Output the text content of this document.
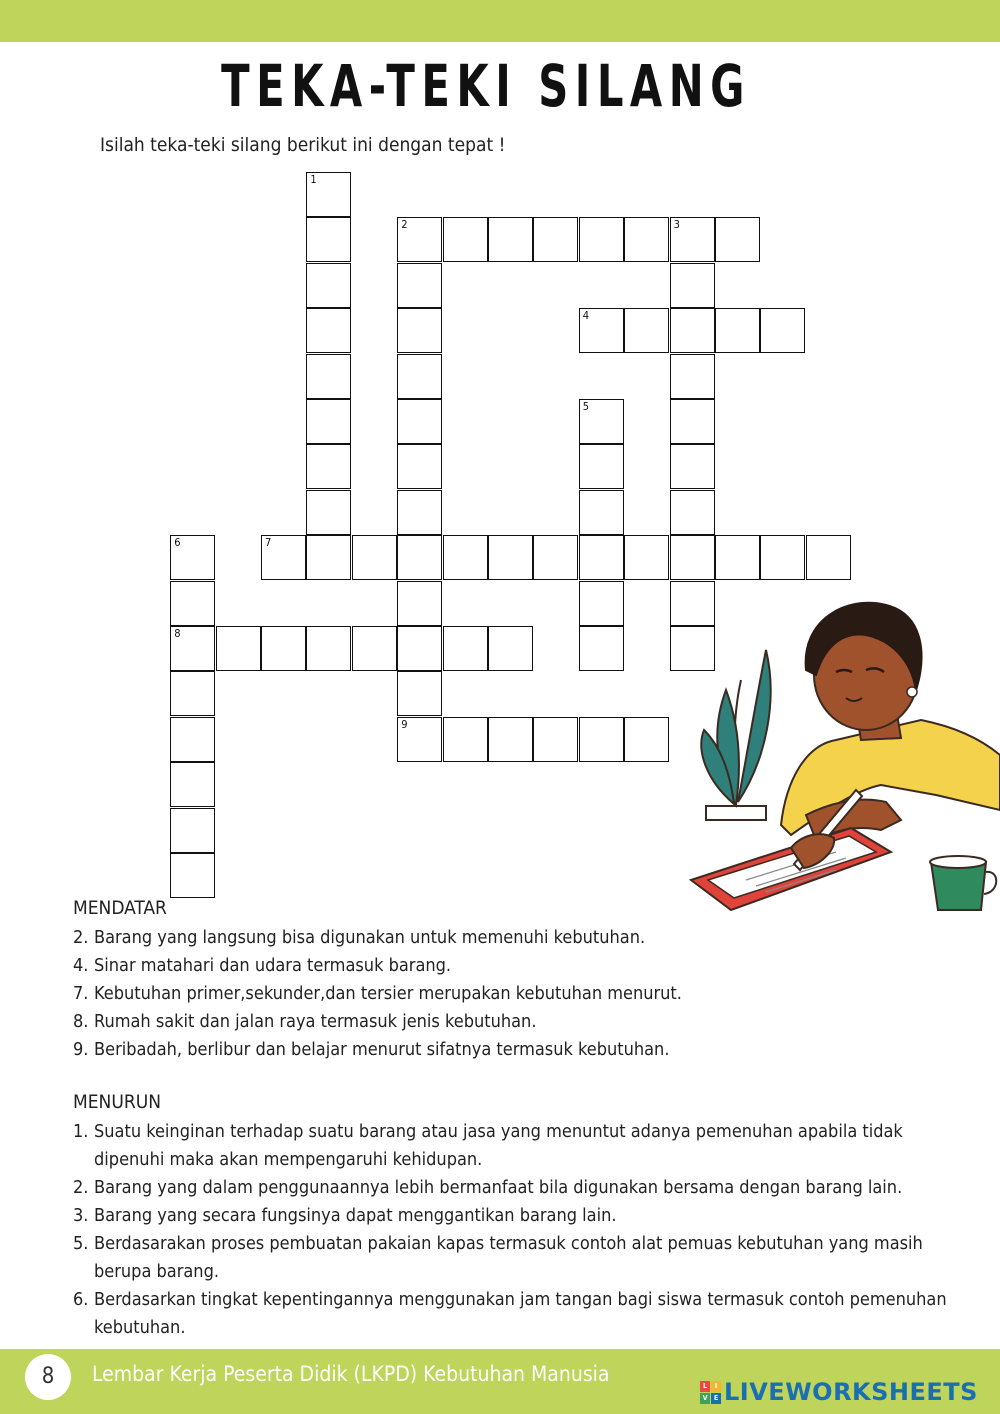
TEKA-TEKI SILANG
Isilah teka-teki silang berikut ini dengan tepat !
1
2	3
9
4
5
6
8
7
MENDATAR
2. Barang yang langsung bisa digunakan untuk memenuhi kebutuhan.
4. Sinar matahari dan udara termasuk barang.
7. Kebutuhan primer,sekunder,dan tersier merupakan kebutuhan menurut.
8. Rumah sakit dan jalan raya termasuk jenis kebutuhan.
9. Beribadah, berlibur dan belajar menurut sifatnya termasuk kebutuhan.
MENURUN
1. Suatu keinginan terhadap suatu barang atau jasa yang menuntut adanya pemenuhan apabila tidak dipenuhi maka akan mempengaruhi kehidupan.
2. Barang yang dalam penggunaannya lebih bermanfaat bila digunakan bersama dengan barang lain.
3. Barang yang secara fungsinya dapat menggantikan barang lain.
5. Berdasarakan proses pembuatan pakaian kapas termasuk contoh alat pemuas kebutuhan yang masih berupa barang.
6. Berdasarkan tingkat kepentingannya menggunakan jam tangan bagi siswa termasuk contoh pemenuhan kebutuhan.
8	Lembar Kerja Peserta Didik (LKPD) Kebutuhan Manusia	L	I
V E LIVEWORKSHEETS
